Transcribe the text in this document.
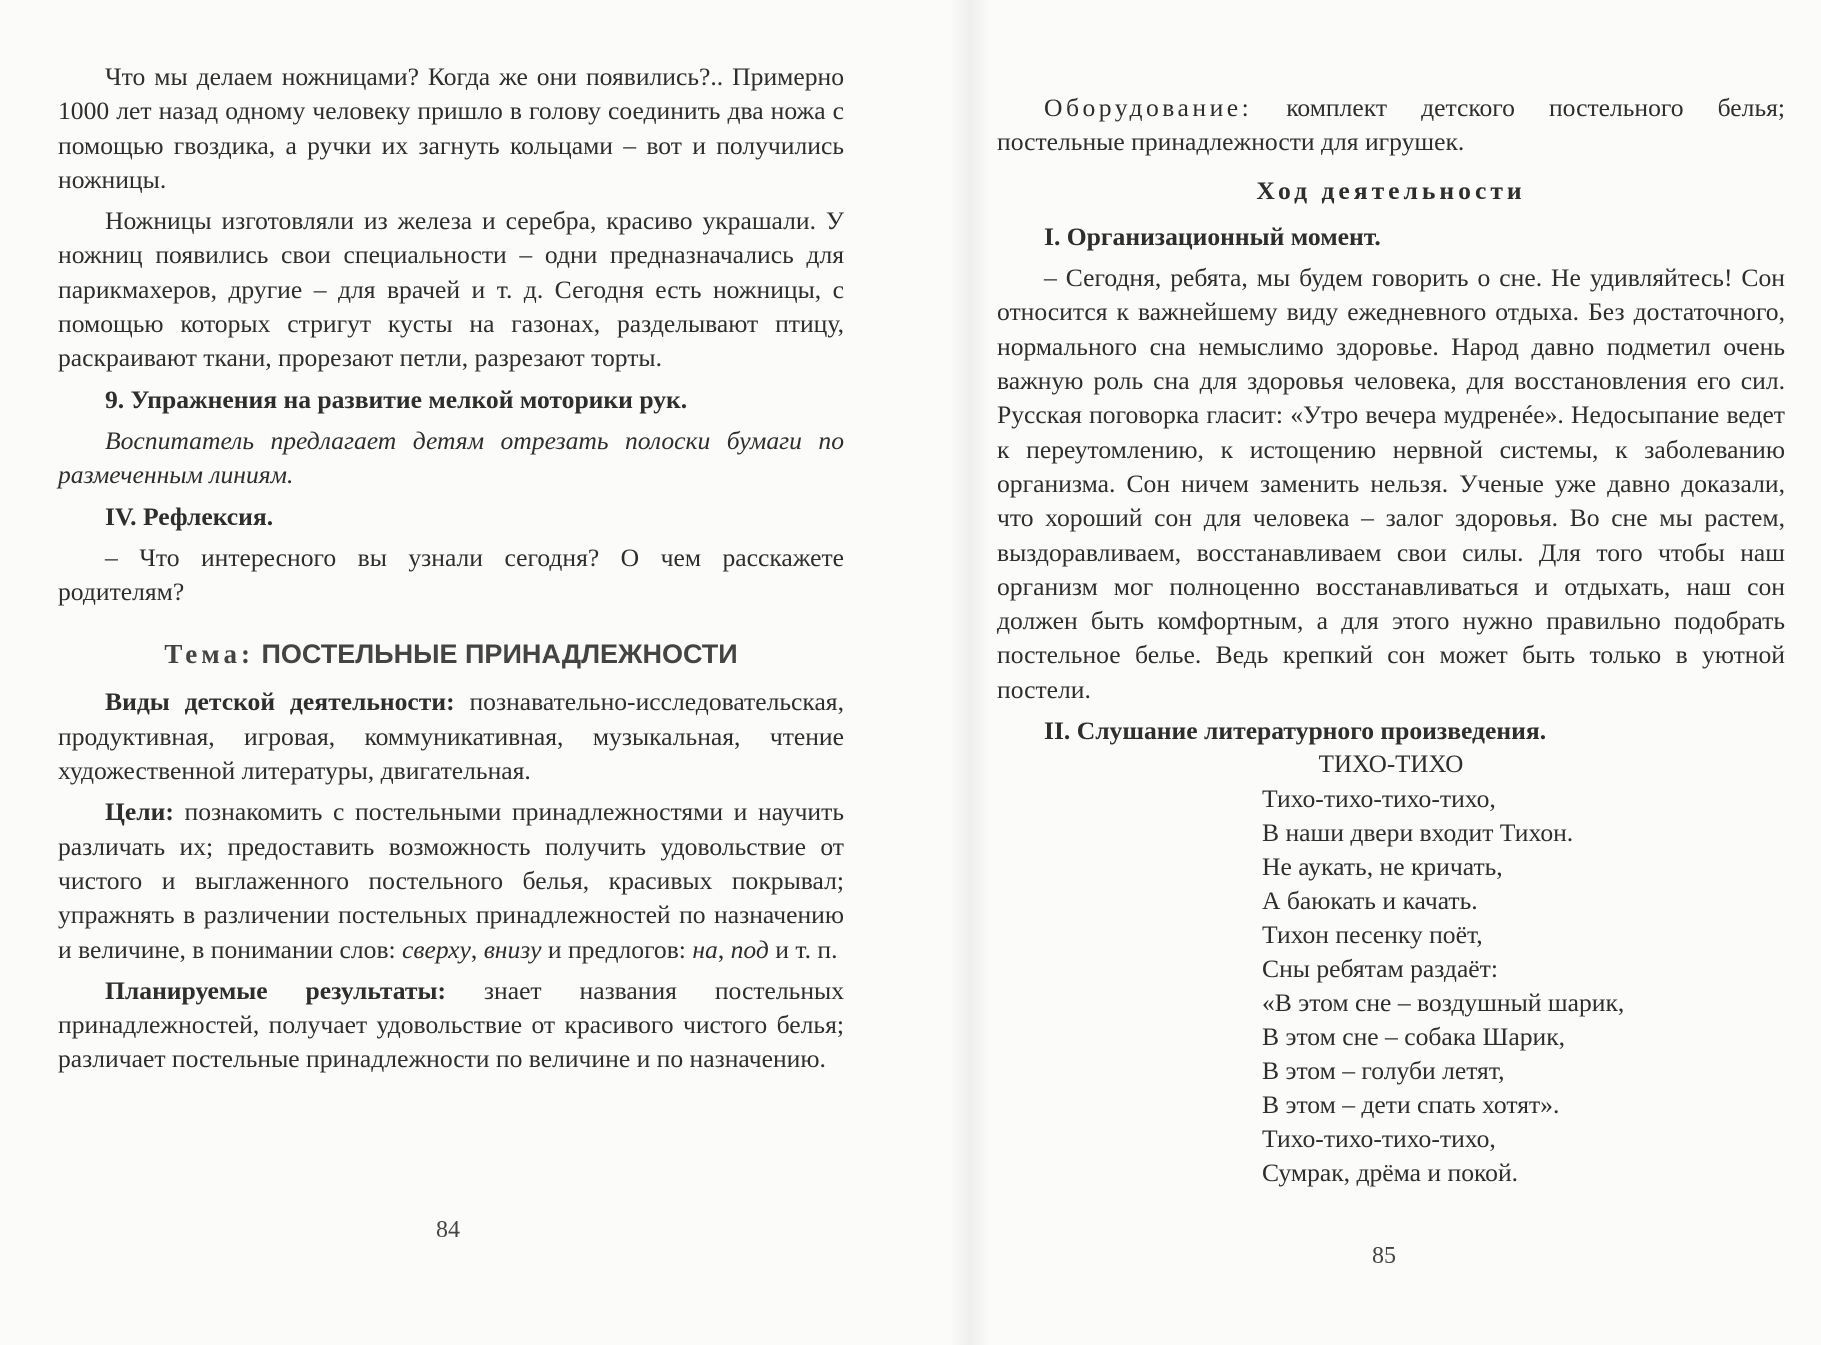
Что мы делаем ножницами? Когда же они появились?.. Примерно 1000 лет назад одному человеку пришло в голову соединить два ножа с помощью гвоздика, а ручки их загнуть кольцами – вот и получились ножницы.

Ножницы изготовляли из железа и серебра, красиво украшали. У ножниц появились свои специальности – одни предназначались для парикмахеров, другие – для врачей и т. д. Сегодня есть ножницы, с помощью которых стригут кусты на газонах, разделывают птицу, раскраивают ткани, прорезают петли, разрезают торты.

9. Упражнения на развитие мелкой моторики рук.

Воспитатель предлагает детям отрезать полоски бумаги по размеченным линиям.

IV. Рефлексия.

– Что интересного вы узнали сегодня? О чем расскажете родителям?

Тема: ПОСТЕЛЬНЫЕ ПРИНАДЛЕЖНОСТИ

Виды детской деятельности: познавательно-исследовательская, продуктивная, игровая, коммуникативная, музыкальная, чтение художественной литературы, двигательная.

Цели: познакомить с постельными принадлежностями и научить различать их; предоставить возможность получить удовольствие от чистого и выглаженного постельного белья, красивых покрывал; упражнять в различении постельных принадлежностей по назначению и величине, в понимании слов: сверху, внизу и предлогов: на, под и т. п.

Планируемые результаты: знает названия постельных принадлежностей, получает удовольствие от красивого чистого белья; различает постельные принадлежности по величине и по назначению.

84

Оборудование: комплект детского постельного белья; постельные принадлежности для игрушек.

Ход деятельности

I. Организационный момент.

– Сегодня, ребята, мы будем говорить о сне. Не удивляйтесь! Сон относится к важнейшему виду ежедневного отдыха. Без достаточного, нормального сна немыслимо здоровье. Народ давно подметил очень важную роль сна для здоровья человека, для восстановления его сил. Русская поговорка гласит: «Утро вечера мудренée». Недосыпание ведет к переутомлению, к истощению нервной системы, к заболеванию организма. Сон ничем заменить нельзя. Ученые уже давно доказали, что хороший сон для человека – залог здоровья. Во сне мы растем, выздоравливаем, восстанавливаем свои силы. Для того чтобы наш организм мог полноценно восстанавливаться и отдыхать, наш сон должен быть комфортным, а для этого нужно правильно подобрать постельное белье. Ведь крепкий сон может быть только в уютной постели.

II. Слушание литературного произведения.

ТИХО-ТИХО
Тихо-тихо-тихо-тихо,
В наши двери входит Тихон.
Не аукать, не кричать,
А баюкать и качать.
Тихон песенку поёт,
Сны ребятам раздаёт:
«В этом сне – воздушный шарик,
В этом сне – собака Шарик,
В этом – голуби летят,
В этом – дети спать хотят».
Тихо-тихо-тихо-тихо,
Сумрак, дрёма и покой.
85
